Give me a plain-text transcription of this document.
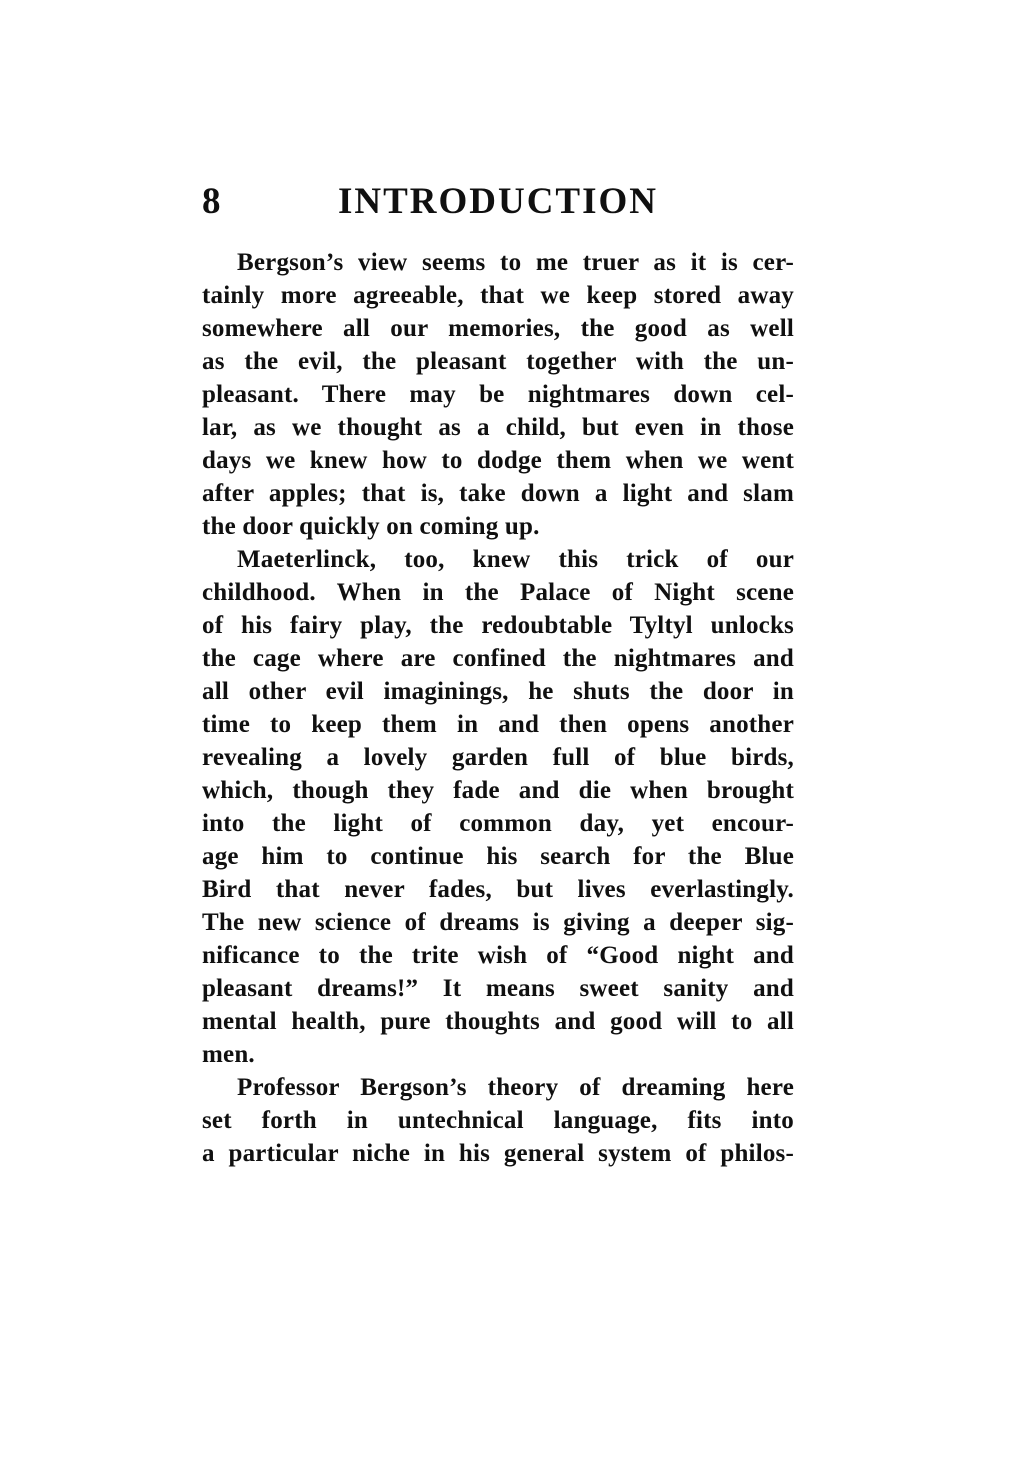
8	INTRODUCTION
Bergson’s view seems to me truer as it is cer-
tainly more agreeable, that we keep stored away
somewhere all our memories, the good as well
as the evil, the pleasant together with the un-
pleasant. There may be nightmares down cel-
lar, as we thought as a child, but even in those
days we knew how to dodge them when we went
after apples; that is, take down a light and slam
the door quickly on coming up.
Maeterlinck, too, knew this trick of our
childhood. When in the Palace of Night scene
of his fairy play, the redoubtable Tyltyl unlocks
the cage where are confined the nightmares and
all other evil imaginings, he shuts the door in
time to keep them in and then opens another
revealing a lovely garden full of blue birds,
which, though they fade and die when brought
into the light of common day, yet encour-
age him to continue his search for the Blue
Bird that never fades, but lives everlastingly.
The new science of dreams is giving a deeper sig-
nificance to the trite wish of “Good night and
pleasant dreams!” It means sweet sanity and
mental health, pure thoughts and good will to all
men.
Professor Bergson’s theory of dreaming here
set forth in untechnical language, fits into
a particular niche in his general system of philos-
